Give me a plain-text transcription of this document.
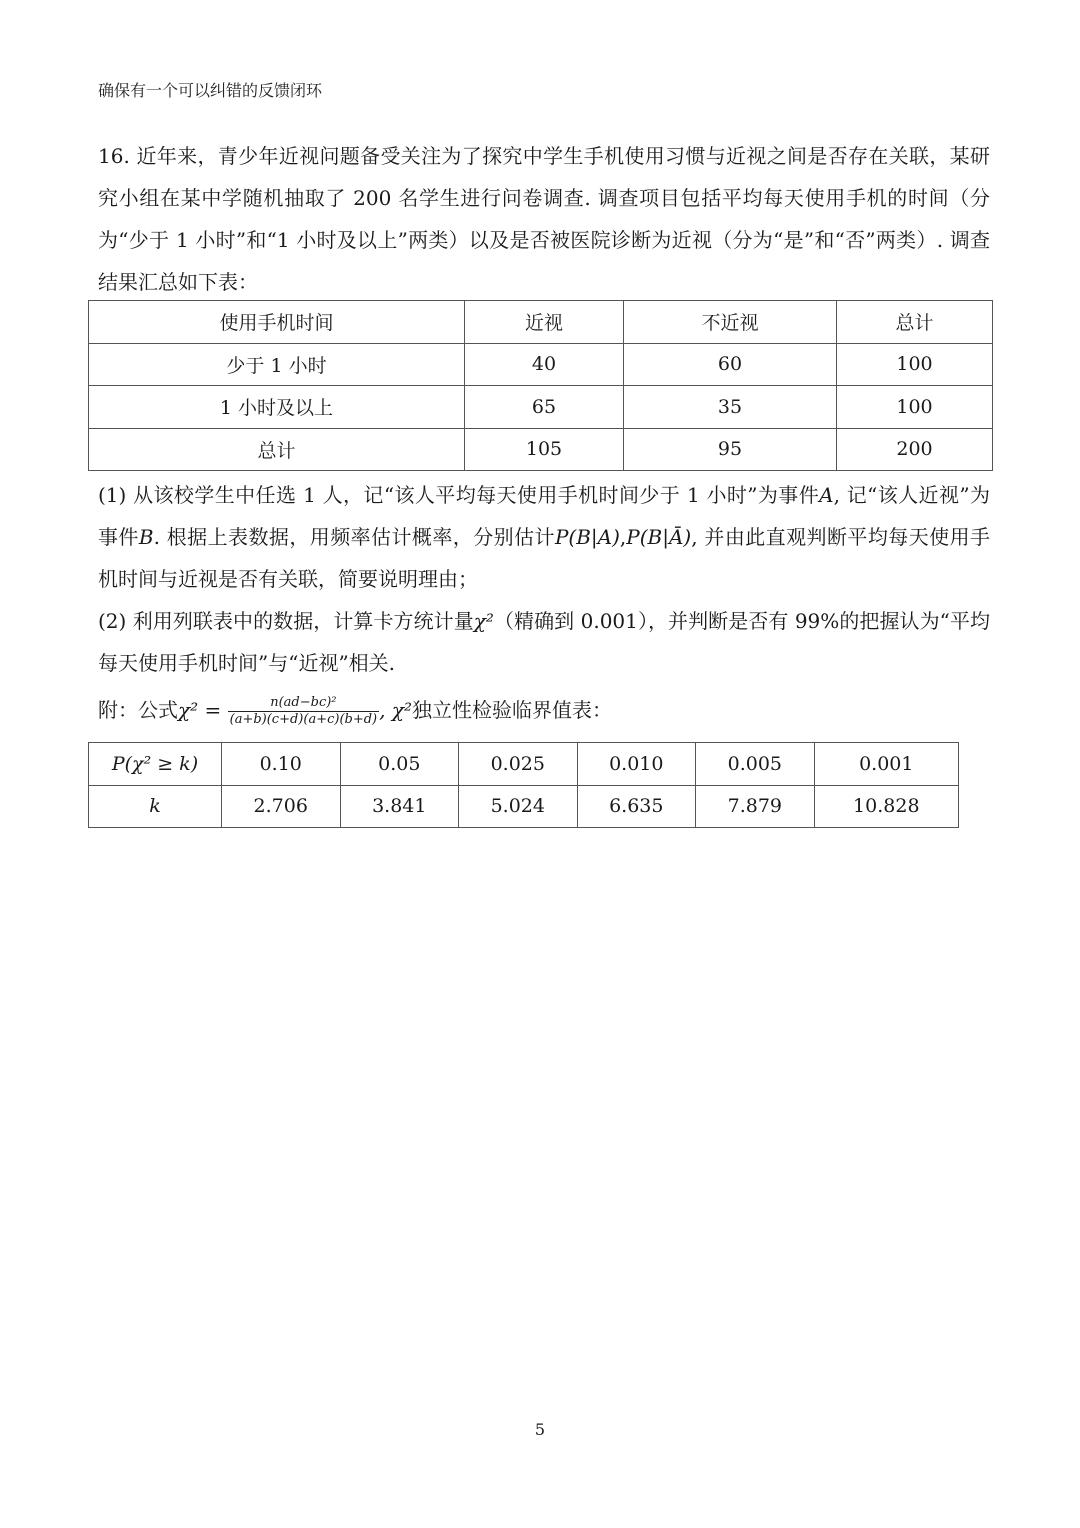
确保有一个可以纠错的反馈闭环
16. 近年来，青少年近视问题备受关注为了探究中学生手机使用习惯与近视之间是否存在关联，某研究小组在某中学随机抽取了 200 名学生进行问卷调查. 调查项目包括平均每天使用手机的时间（分为“少于 1 小时”和“1 小时及以上”两类）以及是否被医院诊断为近视（分为“是”和“否”两类）. 调查结果汇总如下表：
使用手机时间	近视	不近视	总计
少于 1 小时	40	60	100
1 小时及以上	65	35	100
总计	105	95	200
(1) 从该校学生中任选 1 人，记“该人平均每天使用手机时间少于 1 小时”为事件A, 记“该人近视”为事件B. 根据上表数据，用频率估计概率，分别估计P(B|A),P(B|Ā), 并由此直观判断平均每天使用手机时间与近视是否有关联，简要说明理由；
(2) 利用列联表中的数据，计算卡方统计量χ²（精确到 0.001），并判断是否有 99%的把握认为“平均每天使用手机时间”与“近视”相关.
附：公式$\chi^2 = \frac{\text{n(ad−bc)²}}{(a+b)(c+d)(a+c)(b+d)}$ , χ²独立性检验临界值表：
P(χ² ≥ k)	0.10	0.05	0.025	0.010	0.005	0.001
k	2.706	3.841	5.024	6.635	7.879	10.828
5
